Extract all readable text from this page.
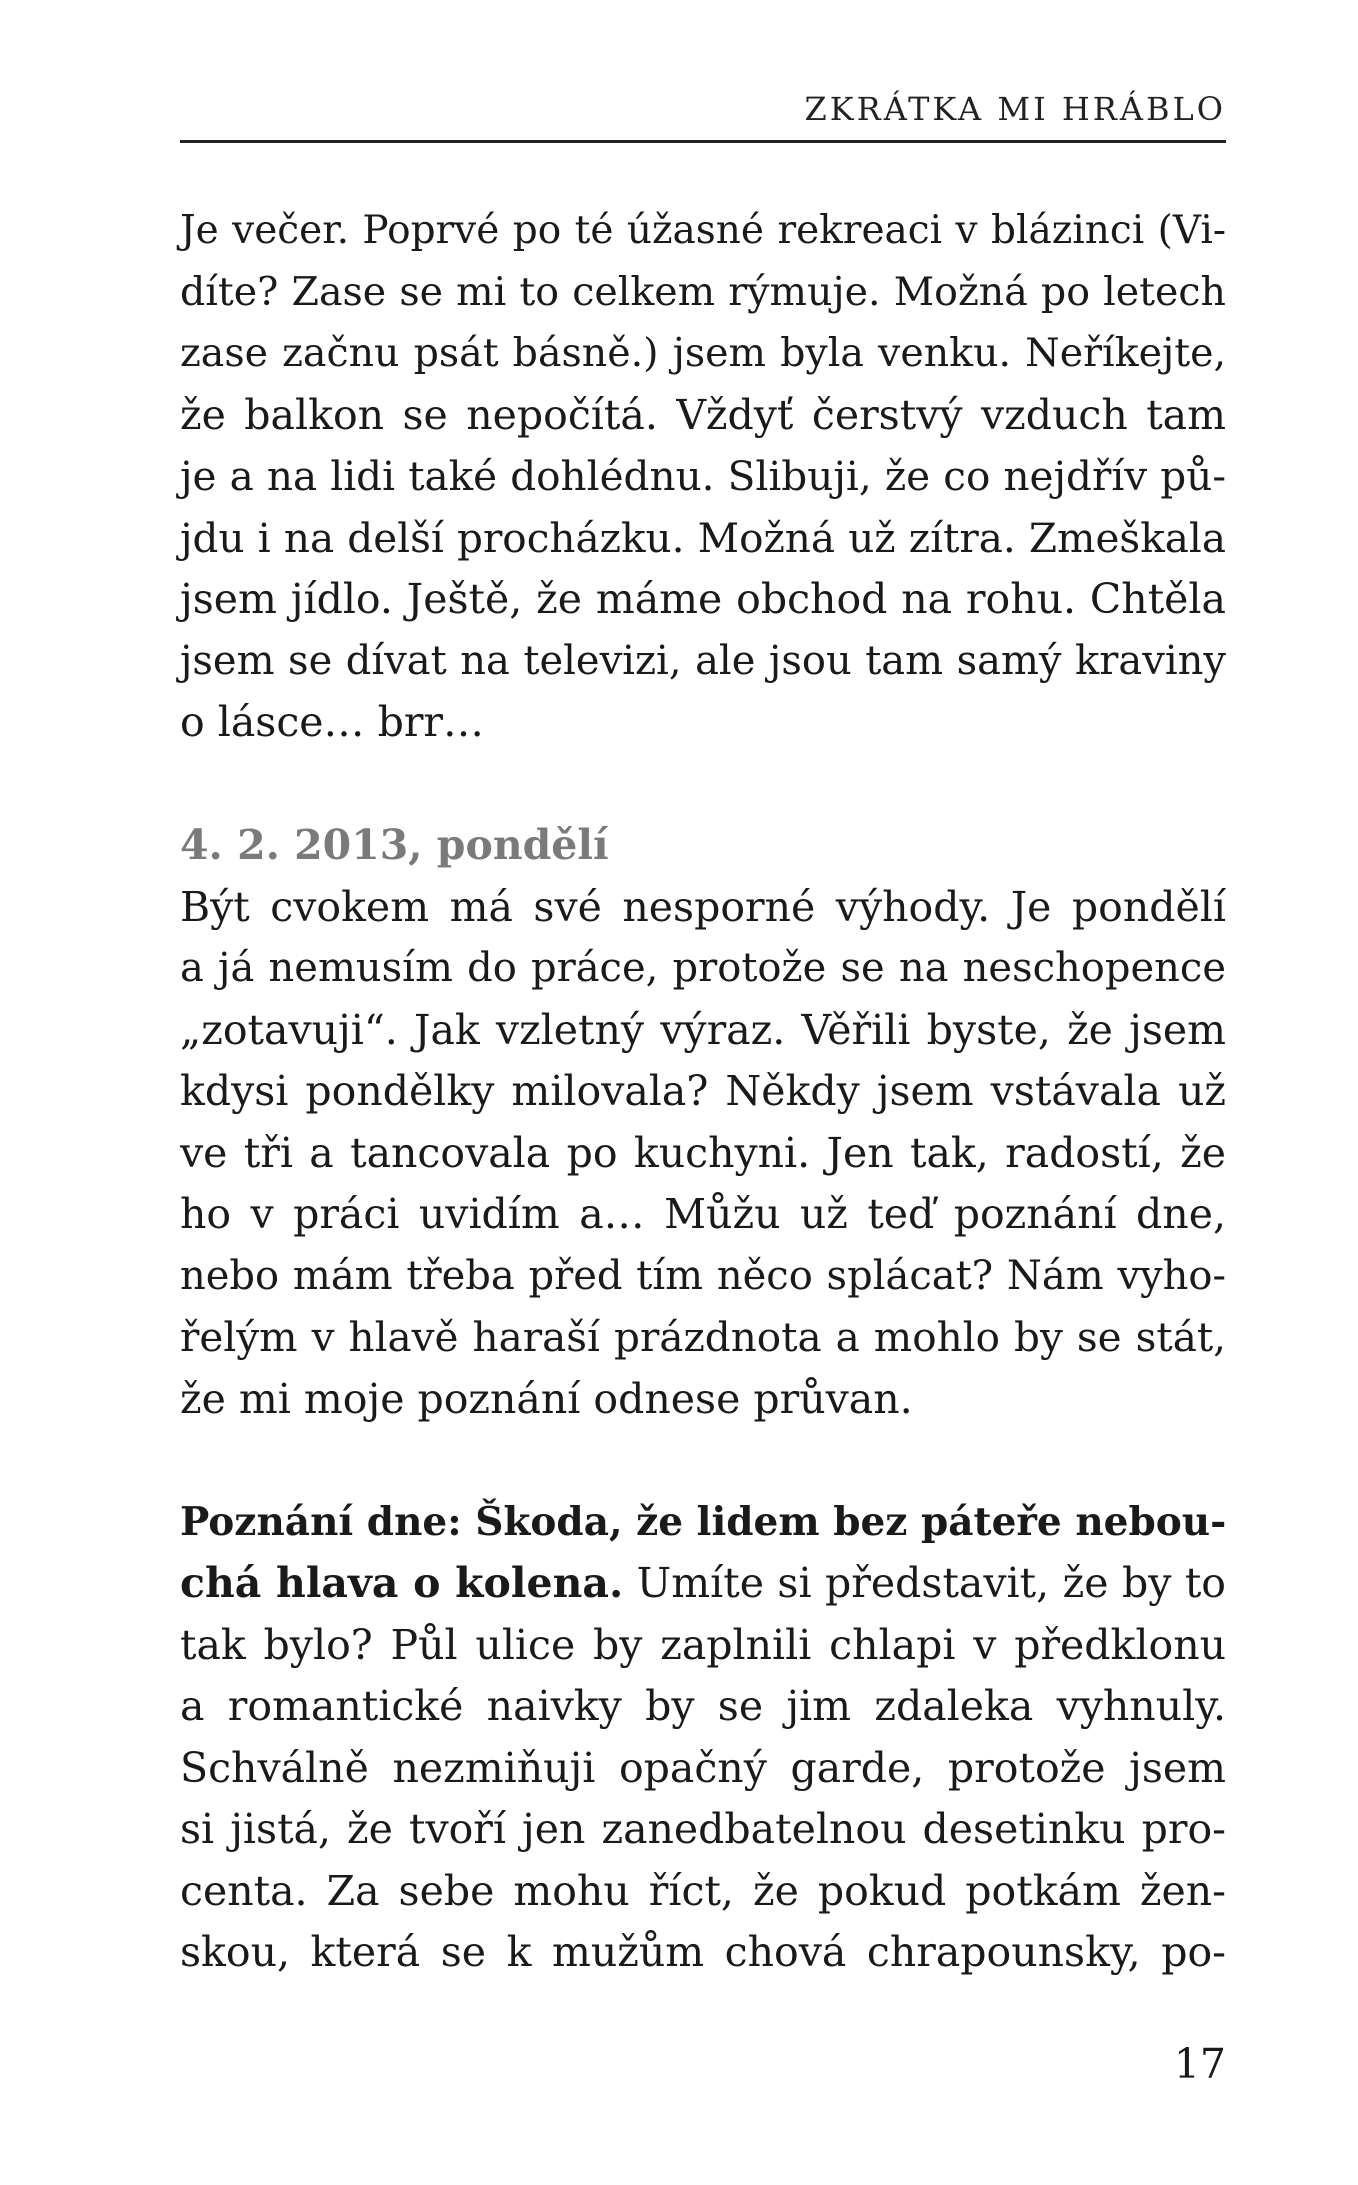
ZKRÁTKA MI HRÁBLO
Je večer. Poprvé po té úžasné rekreaci v blázinci (Vi-
díte? Zase se mi to celkem rýmuje. Možná po letech
zase začnu psát básně.) jsem byla venku. Neříkejte,
že balkon se nepočítá. Vždyť čerstvý vzduch tam
je a na lidi také dohlédnu. Slibuji, že co nejdřív pů-
jdu i na delší procházku. Možná už zítra. Zmeškala
jsem jídlo. Ještě, že máme obchod na rohu. Chtěla
jsem se dívat na televizi, ale jsou tam samý kraviny
o lásce… brr…
4. 2. 2013, pondělí
Být cvokem má své nesporné výhody. Je pondělí
a já nemusím do práce, protože se na neschopence
„zotavuji“. Jak vzletný výraz. Věřili byste, že jsem
kdysi pondělky milovala? Někdy jsem vstávala už
ve tři a tancovala po kuchyni. Jen tak, radostí, že
ho v práci uvidím a… Můžu už teď poznání dne,
nebo mám třeba před tím něco splácat? Nám vyho-
řelým v hlavě haraší prázdnota a mohlo by se stát,
že mi moje poznání odnese průvan.
Poznání dne: Škoda, že lidem bez páteře nebou-
chá hlava o kolena. Umíte si představit, že by to
tak bylo? Půl ulice by zaplnili chlapi v předklonu
a romantické naivky by se jim zdaleka vyhnuly.
Schválně nezmiňuji opačný garde, protože jsem
si jistá, že tvoří jen zanedbatelnou desetinku pro-
centa. Za sebe mohu říct, že pokud potkám žen-
skou, která se k mužům chová chrapounsky, po-
17
